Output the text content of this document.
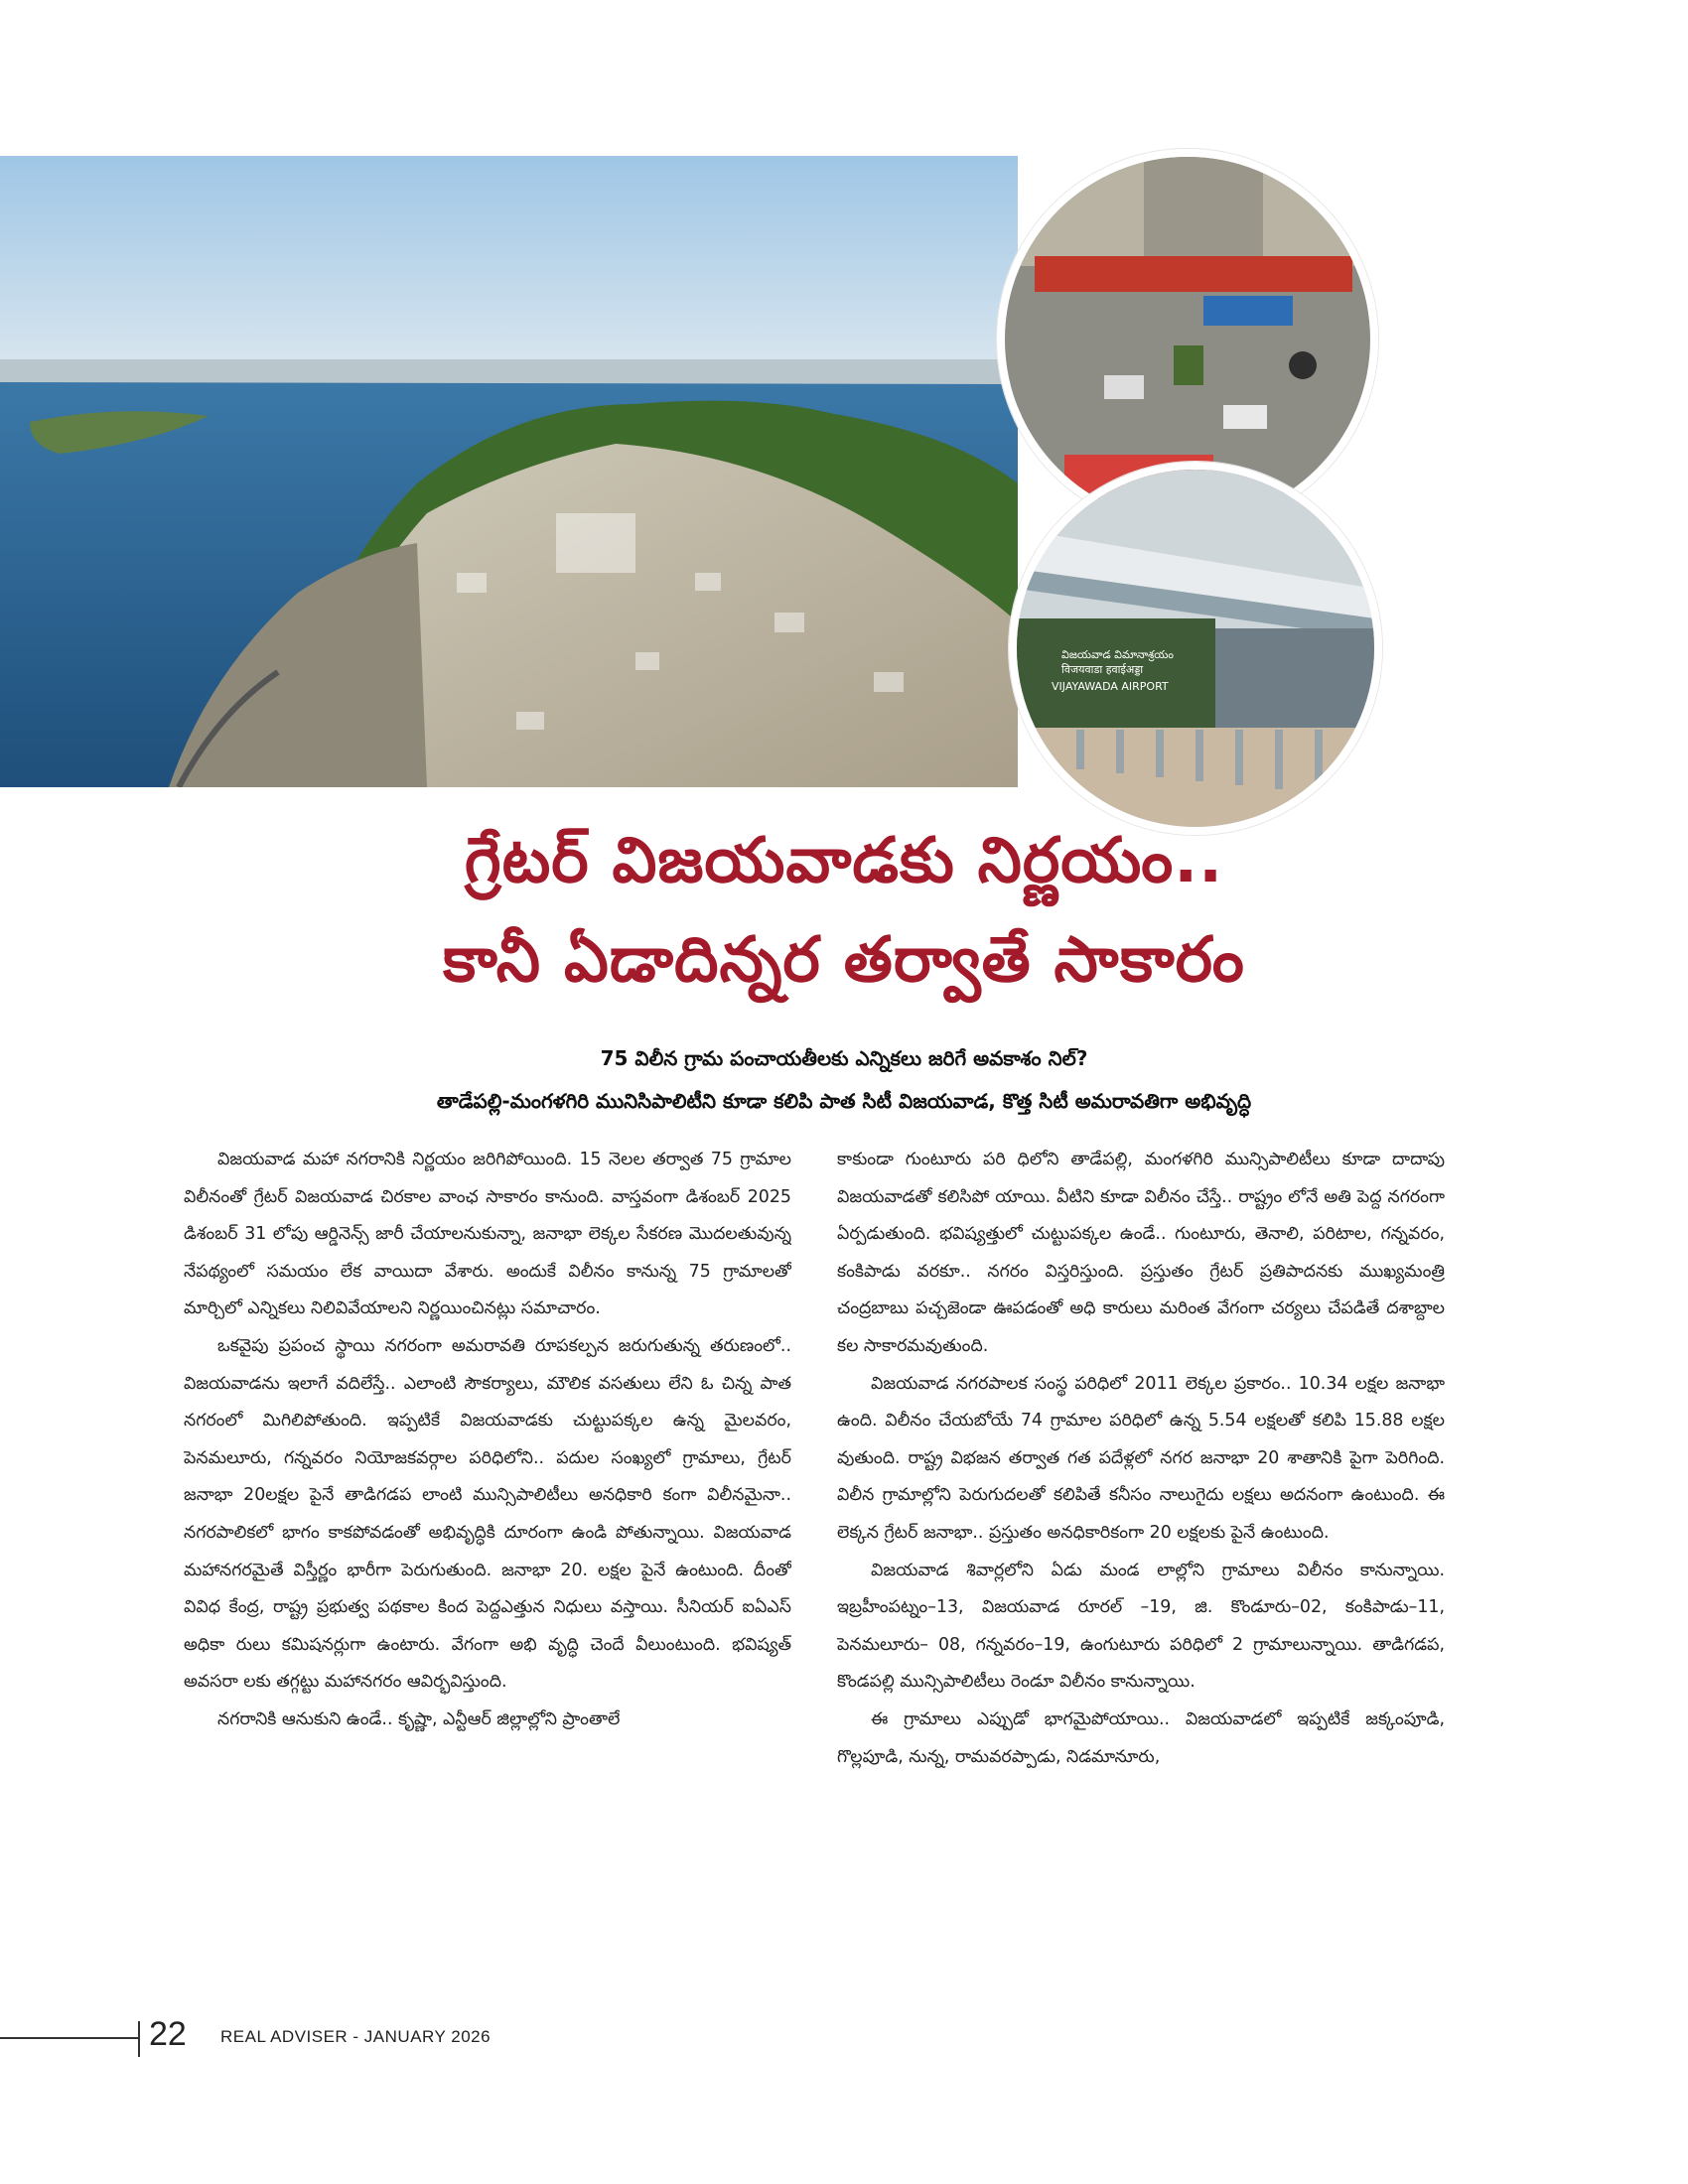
విజయవాడ విమానాశ్రయం
विजयवाडा हवाईअड्डा
VIJAYAWADA AIRPORT
గ్రేటర్ విజయవాడకు నిర్ణయం..
కానీ ఏడాదిన్నర తర్వాతే సాకారం
75 విలీన గ్రామ పంచాయతీలకు ఎన్నికలు జరిగే అవకాశం నిల్?
తాడేపల్లి-మంగళగిరి మునిసిపాలిటీని కూడా కలిపి పాత సిటీ విజయవాడ, కొత్త సిటీ అమరావతిగా అభివృద్ధి

విజయవాడ మహా నగరానికి నిర్ణయం జరిగిపోయింది. 15 నెలల తర్వాత 75 గ్రామాల విలీనంతో గ్రేటర్ విజయవాడ చిరకాల వాంఛ సాకారం కానుంది. వాస్తవంగా డిశంబర్ 2025 డిశంబర్ 31 లోపు ఆర్డినెన్స్ జారీ చేయాలనుకున్నా, జనాభా లెక్కల సేకరణ మొదలతువున్న నేపథ్యంలో సమయం లేక వాయిదా వేశారు. అందుకే విలీనం కానున్న 75 గ్రామాలతో మార్చిలో ఎన్నికలు నిలివివేయాలని నిర్ణయించినట్లు సమాచారం.

ఒకవైపు ప్రపంచ స్థాయి నగరంగా అమరావతి రూపకల్పన జరుగుతున్న తరుణంలో.. విజయవాడను ఇలాగే వదిలేస్తే.. ఎలాంటి సౌకర్యాలు, మౌలిక వసతులు లేని ఓ చిన్న పాత నగరంలో మిగిలిపోతుంది. ఇప్పటికే విజయవాడకు చుట్టుపక్కల ఉన్న మైలవరం, పెనమలూరు, గన్నవరం నియోజకవర్గాల పరిధిలోని.. పదుల సంఖ్యలో గ్రామాలు, గ్రేటర్ జనాభా 20లక్షల పైనే తాడిగడప లాంటి మున్సిపాలిటీలు అనధికారి కంగా విలీనమైనా.. నగరపాలికలో భాగం కాకపోవడంతో అభివృద్ధికి దూరంగా ఉండి పోతున్నాయి. విజయవాడ మహానగరమైతే విస్తీర్ణం భారీగా పెరుగుతుంది. జనాభా 20. లక్షల పైనే ఉంటుంది. దీంతో వివిధ కేంద్ర, రాష్ట్ర ప్రభుత్వ పథకాల కింద పెద్దఎత్తున నిధులు వస్తాయి. సీనియర్ ఐఏఎస్ అధికా రులు కమిషనర్లుగా ఉంటారు. వేగంగా అభి వృద్ధి చెందే వీలుంటుంది. భవిష్యత్ అవసరా లకు తగ్గట్టు మహానగరం ఆవిర్భవిస్తుంది.

నగరానికి ఆనుకుని ఉండే.. కృష్ణా, ఎన్టీఆర్ జిల్లాల్లోని ప్రాంతాలే

కాకుండా గుంటూరు పరి ధిలోని తాడేపల్లి, మంగళగిరి మున్సిపాలిటీలు కూడా దాదాపు విజయవాడతో కలిసిపో యాయి. వీటిని కూడా విలీనం చేస్తే.. రాష్ట్రం లోనే అతి పెద్ద నగరంగా ఏర్పడుతుంది. భవిష్యత్తులో చుట్టుపక్కల ఉండే.. గుంటూరు, తెనాలి, పరిటాల, గన్నవరం, కంకిపాడు వరకూ.. నగరం విస్తరిస్తుంది. ప్రస్తుతం గ్రేటర్ ప్రతిపాదనకు ముఖ్యమంత్రి చంద్రబాబు పచ్చజెండా ఊపడంతో అధి కారులు మరింత వేగంగా చర్యలు చేపడితే దశాబ్దాల కల సాకారమవుతుంది.

విజయవాడ నగరపాలక సంస్థ పరిధిలో 2011 లెక్కల ప్రకారం.. 10.34 లక్షల జనాభా ఉంది. విలీనం చేయబోయే 74 గ్రామాల పరిధిలో ఉన్న 5.54 లక్షలతో కలిపి 15.88 లక్షల వుతుంది. రాష్ట్ర విభజన తర్వాత గత పదేళ్లలో నగర జనాభా 20 శాతానికి పైగా పెరిగింది. విలీన గ్రామాల్లోని పెరుగుదలతో కలిపితే కనీసం నాలుగైదు లక్షలు అదనంగా ఉంటుంది. ఈ లెక్కన గ్రేటర్ జనాభా.. ప్రస్తుతం అనధికారికంగా 20 లక్షలకు పైనే ఉంటుంది.

విజయవాడ శివార్లలోని ఏడు మండ లాల్లోని గ్రామాలు విలీనం కానున్నాయి. ఇబ్రహీంపట్నం–13, విజయవాడ రూరల్ –19, జి. కొండూరు–02, కంకిపాడు–11, పెనమలూరు– 08, గన్నవరం–19, ఉంగుటూరు పరిధిలో 2 గ్రామాలున్నాయి. తాడిగడప, కొండపల్లి మున్సిపాలిటీలు రెండూ విలీనం కానున్నాయి.

ఈ గ్రామాలు ఎప్పుడో భాగమైపోయాయి.. విజయవాడలో ఇప్పటికే జక్కంపూడి, గొల్లపూడి, నున్న, రామవరప్పాడు, నిడమానూరు,

22 REAL ADVISER - JANUARY 2026
